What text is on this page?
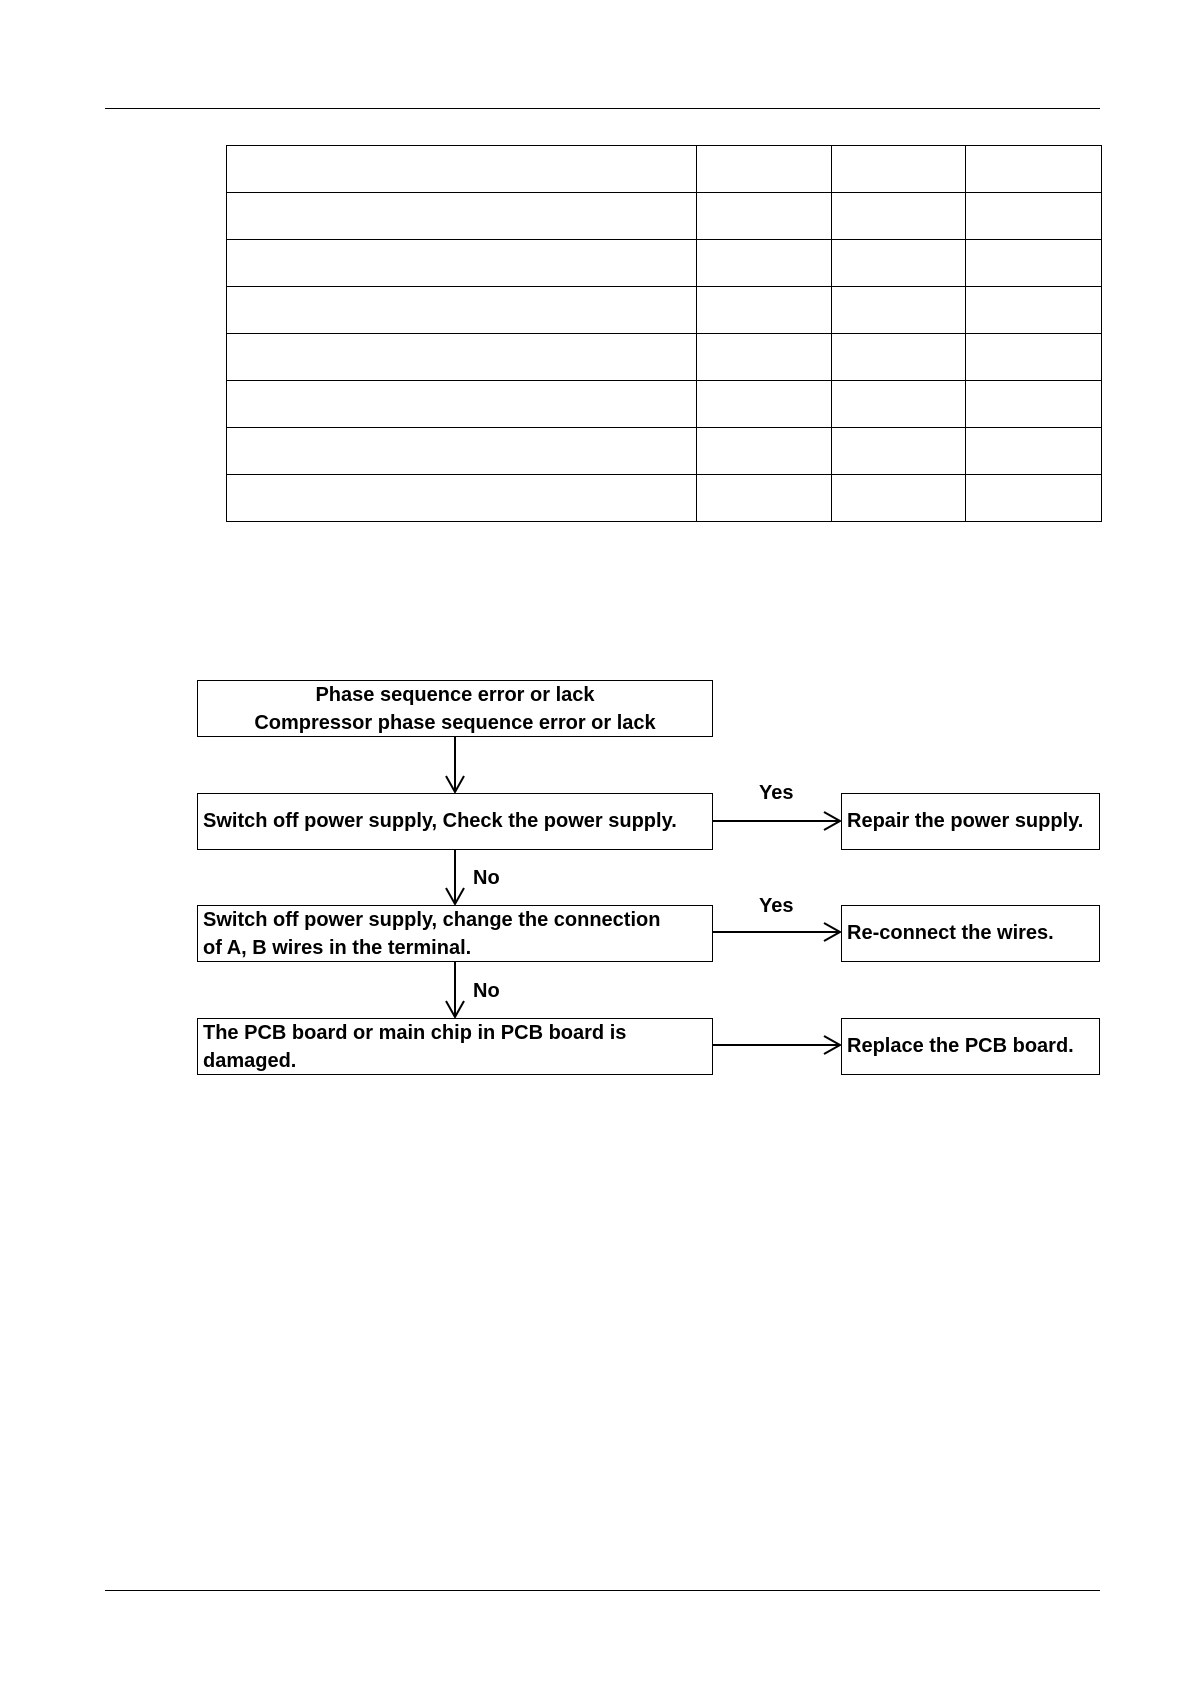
Phase sequence error or lack
Compressor phase sequence error or lack
Switch off power supply, Check the power supply.	Repair the power supply.
Switch off power supply, change the connection
of A, B wires in the terminal.
Re-connect the wires.
The PCB board or main chip in PCB board is
damaged.
Replace the PCB board.
Yes
No
Yes
No
